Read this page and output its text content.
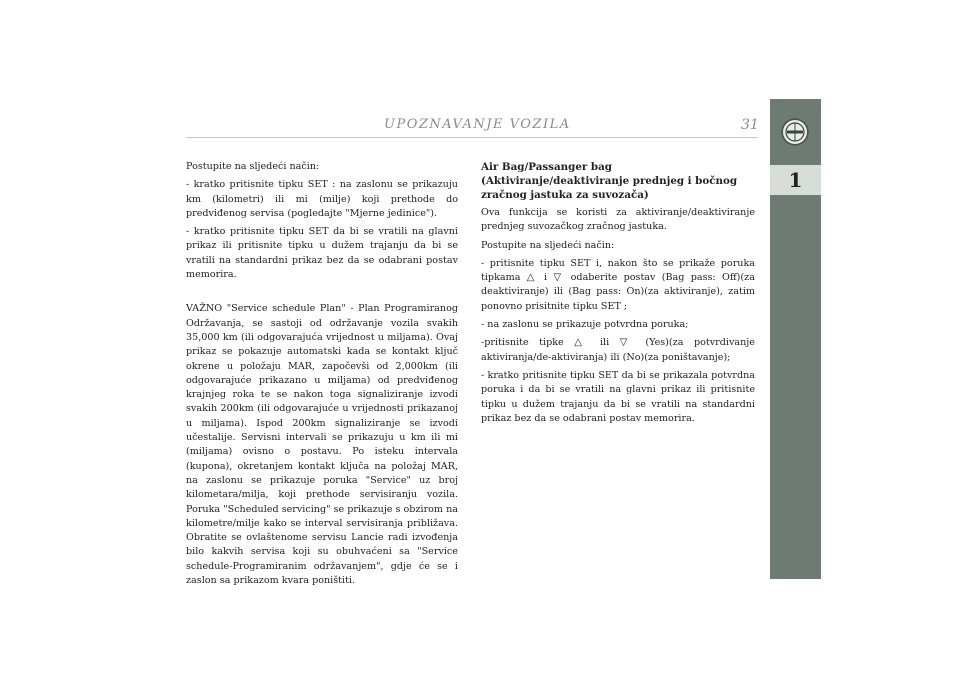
UPOZNAVANJE VOZILA	31
1

Postupite na sljedeći način:

- kratko pritisnite tipku SET : na zaslonu se prikazuju km (kilometri) ili mi (milje) koji prethode do predviđenog servisa (pogledajte "Mjerne jedinice").

- kratko pritisnite tipku SET da bi se vratili na glavni prikaz ili pritisnite tipku u dužem trajanju da bi se vratili na standardni prikaz bez da se odabrani postav memorira.

VAŽNO "Service schedule Plan" - Plan Programiranog Održavanja, se sastoji od održavanje vozila svakih 35,000 km (ili odgovarajuća vrijednost u miljama). Ovaj prikaz se pokazuje automatski kada se kontakt ključ okrene u položaju MAR, započevši od 2,000km (ili odgovarajuće prikazano u miljama) od predviđenog krajnjeg roka te se nakon toga signaliziranje izvodi svakih 200km (ili odgovarajuće u vrijednosti prikazanoj u miljama). Ispod 200km signaliziranje se izvodi učestalije. Servisni intervali se prikazuju u km ili mi (miljama) ovisno o postavu. Po isteku intervala (kupona), okretanjem kontakt ključa na položaj MAR, na zaslonu se prikazuje poruka "Service" uz broj kilometara/milja, koji prethode servisiranju vozila. Poruka "Scheduled servicing" se prikazuje s obzirom na kilometre/milje kako se interval servisiranja približava. Obratite se ovlaštenome servisu Lancie radi izvođenja bilo kakvih servisa koji su obuhvaćeni sa "Service schedule-Programiranim održavanjem", gdje će se i zaslon sa prikazom kvara poništiti.

Air Bag/Passanger bag (Aktiviranje/deaktiviranje prednjeg i bočnog zračnog jastuka za suvozača)

Ova funkcija se koristi za aktiviranje/deaktiviranje prednjeg suvozačkog zračnog jastuka.

Postupite na sljedeći način:

- pritisnite tipku SET i, nakon što se prikaže poruka tipkama △ i ▽ odaberite postav (Bag pass: Off)(za deaktiviranje) ili (Bag pass: On)(za aktiviranje), zatim ponovno prisitnite tipku SET ;

- na zaslonu se prikazuje potvrdna poruka;

-pritisnite tipke △ ili ▽ (Yes)(za potvrdivanje aktiviranja/de-aktiviranja) ili (No)(za poništavanje);

- kratko pritisnite tipku SET da bi se prikazala potvrdna poruka i da bi se vratili na glavni prikaz ili pritisnite tipku u dužem trajanju da bi se vratili na standardni prikaz bez da se odabrani postav memorira.
